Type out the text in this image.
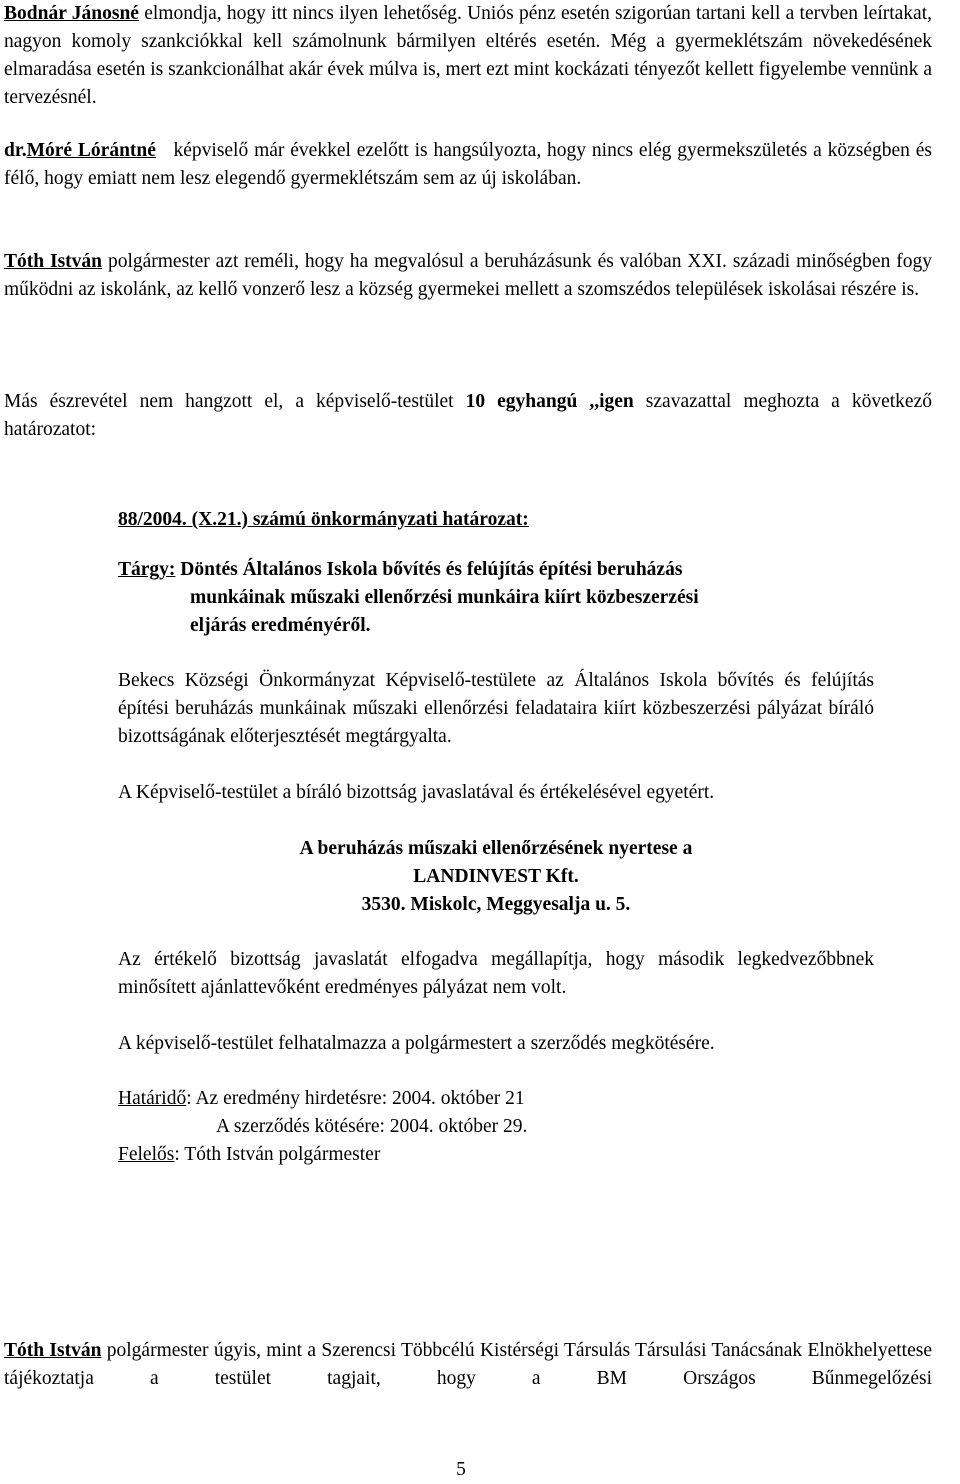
Bodnár Jánosné elmondja, hogy itt nincs ilyen lehetőség. Uniós pénz esetén szigorúan tartani kell a tervben leírtakat, nagyon komoly szankciókkal kell számolnunk bármilyen eltérés esetén. Még a gyermeklétszám növekedésének elmaradása esetén is szankcionálhat akár évek múlva is, mert ezt mint kockázati tényezőt kellett figyelembe vennünk a tervezésnél.

dr.Móré Lórántné   képviselő már évekkel ezelőtt is hangsúlyozta, hogy nincs elég gyermekszületés a községben és félő, hogy emiatt nem lesz elegendő gyermeklétszám sem az új iskolában.

Tóth István polgármester azt reméli, hogy ha megvalósul a beruházásunk és valóban XXI. századi minőségben fogy működni az iskolánk, az kellő vonzerő lesz a község gyermekei mellett a szomszédos települések iskolásai részére is.

Más észrevétel nem hangzott el, a képviselő-testület 10 egyhangú ,,igen szavazattal meghozta a következő határozatot:

88/2004. (X.21.) számú önkormányzati határozat:

Tárgy: Döntés Általános Iskola bővítés és felújítás építési beruházás

munkáinak műszaki ellenőrzési munkáira kiírt közbeszerzési

eljárás eredményéről.

Bekecs Községi Önkormányzat Képviselő-testülete az Általános Iskola bővítés és felújítás építési beruházás munkáinak műszaki ellenőrzési feladataira kiírt közbeszerzési pályázat bíráló bizottságának előterjesztését megtárgyalta.

A Képviselő-testület a bíráló bizottság javaslatával és értékelésével egyetért.

A beruházás műszaki ellenőrzésének nyertese a

LANDINVEST Kft.

3530. Miskolc, Meggyesalja u. 5.

Az értékelő bizottság javaslatát elfogadva megállapítja, hogy második legkedvezőbbnek minősített ajánlattevőként eredményes pályázat nem volt.

A képviselő-testület felhatalmazza a polgármestert a szerződés megkötésére.

Határidő: Az eredmény hirdetésre: 2004. október 21

A szerződés kötésére: 2004. október 29.

Felelős: Tóth István polgármester

Tóth István polgármester úgyis, mint a Szerencsi Többcélú Kistérségi Társulás Társulási Tanácsának Elnökhelyettese tájékoztatja a testület tagjait, hogy a BM Országos Bűnmegelőzési

5
